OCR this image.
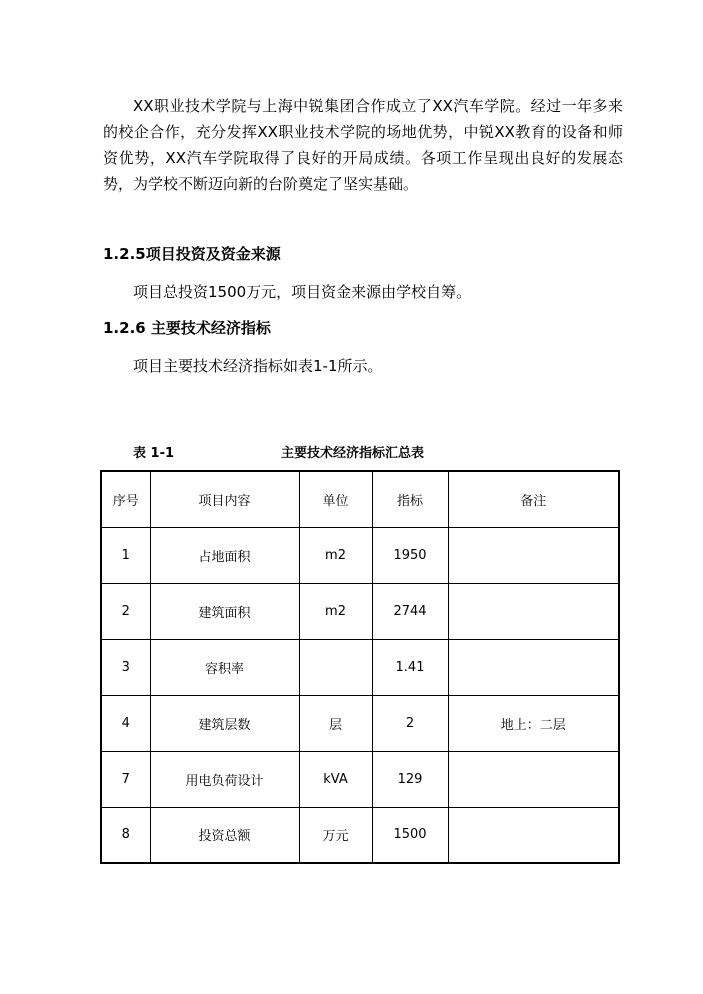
XX职业技术学院与上海中锐集团合作成立了XX汽车学院。经过一年多来的校企合作，充分发挥XX职业技术学院的场地优势，中锐XX教育的设备和师资优势，XX汽车学院取得了良好的开局成绩。各项工作呈现出良好的发展态势，为学校不断迈向新的台阶奠定了坚实基础。
1.2.5项目投资及资金来源
项目总投资1500万元，项目资金来源由学校自筹。
1.2.6 主要技术经济指标
项目主要技术经济指标如表1-1所示。
表 1-1	主要技术经济指标汇总表
序号	项目内容	单位	指标	备注
1	占地面积	m2	1950	
2	建筑面积	m2	2744	
3	容积率		1.41	
4	建筑层数	层	2	地上：二层
7	用电负荷设计	kVA	129	
8	投资总额	万元	1500	
